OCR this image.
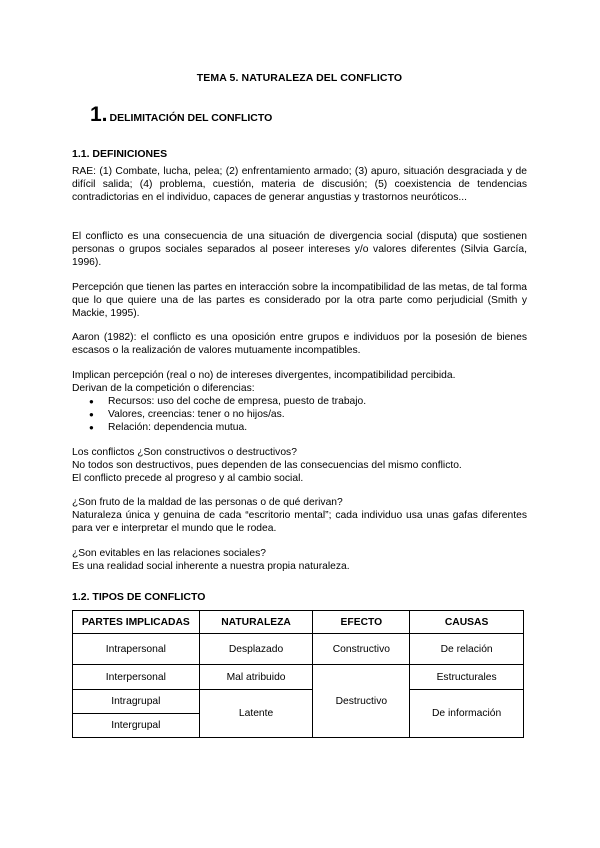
TEMA 5. NATURALEZA DEL CONFLICTO
1. DELIMITACIÓN DEL CONFLICTO
1.1. DEFINICIONES
RAE: (1) Combate, lucha, pelea; (2) enfrentamiento armado; (3) apuro, situación desgraciada y de difícil salida; (4) problema, cuestión, materia de discusión; (5) coexistencia de tendencias contradictorias en el individuo, capaces de generar angustias y trastornos neuróticos...
El conflicto es una consecuencia de una situación de divergencia social (disputa) que sostienen personas o grupos sociales separados al poseer intereses y/o valores diferentes (Silvia García, 1996).
Percepción que tienen las partes en interacción sobre la incompatibilidad de las metas, de tal forma que lo que quiere una de las partes es considerado por la otra parte como perjudicial (Smith y Mackie, 1995).
Aaron (1982): el conflicto es una oposición entre grupos e individuos por la posesión de bienes escasos o la realización de valores mutuamente incompatibles.
Implican percepción (real o no) de intereses divergentes, incompatibilidad percibida.
Derivan de la competición o diferencias:
● Recursos: uso del coche de empresa, puesto de trabajo.
● Valores, creencias: tener o no hijos/as.
● Relación: dependencia mutua.
Los conflictos ¿Son constructivos o destructivos?
No todos son destructivos, pues dependen de las consecuencias del mismo conflicto.
El conflicto precede al progreso y al cambio social.
¿Son fruto de la maldad de las personas o de qué derivan?
Naturaleza única y genuina de cada “escritorio mental”; cada individuo usa unas gafas diferentes para ver e interpretar el mundo que le rodea.
¿Son evitables en las relaciones sociales?
Es una realidad social inherente a nuestra propia naturaleza.
1.2. TIPOS DE CONFLICTO
PARTES IMPLICADAS	NATURALEZA	EFECTO	CAUSAS
Intrapersonal	Desplazado	Constructivo	De relación
Interpersonal	Mal atribuido	Destructivo	Estructurales
Intragrupal	Latente		De información
Intergrupal			
